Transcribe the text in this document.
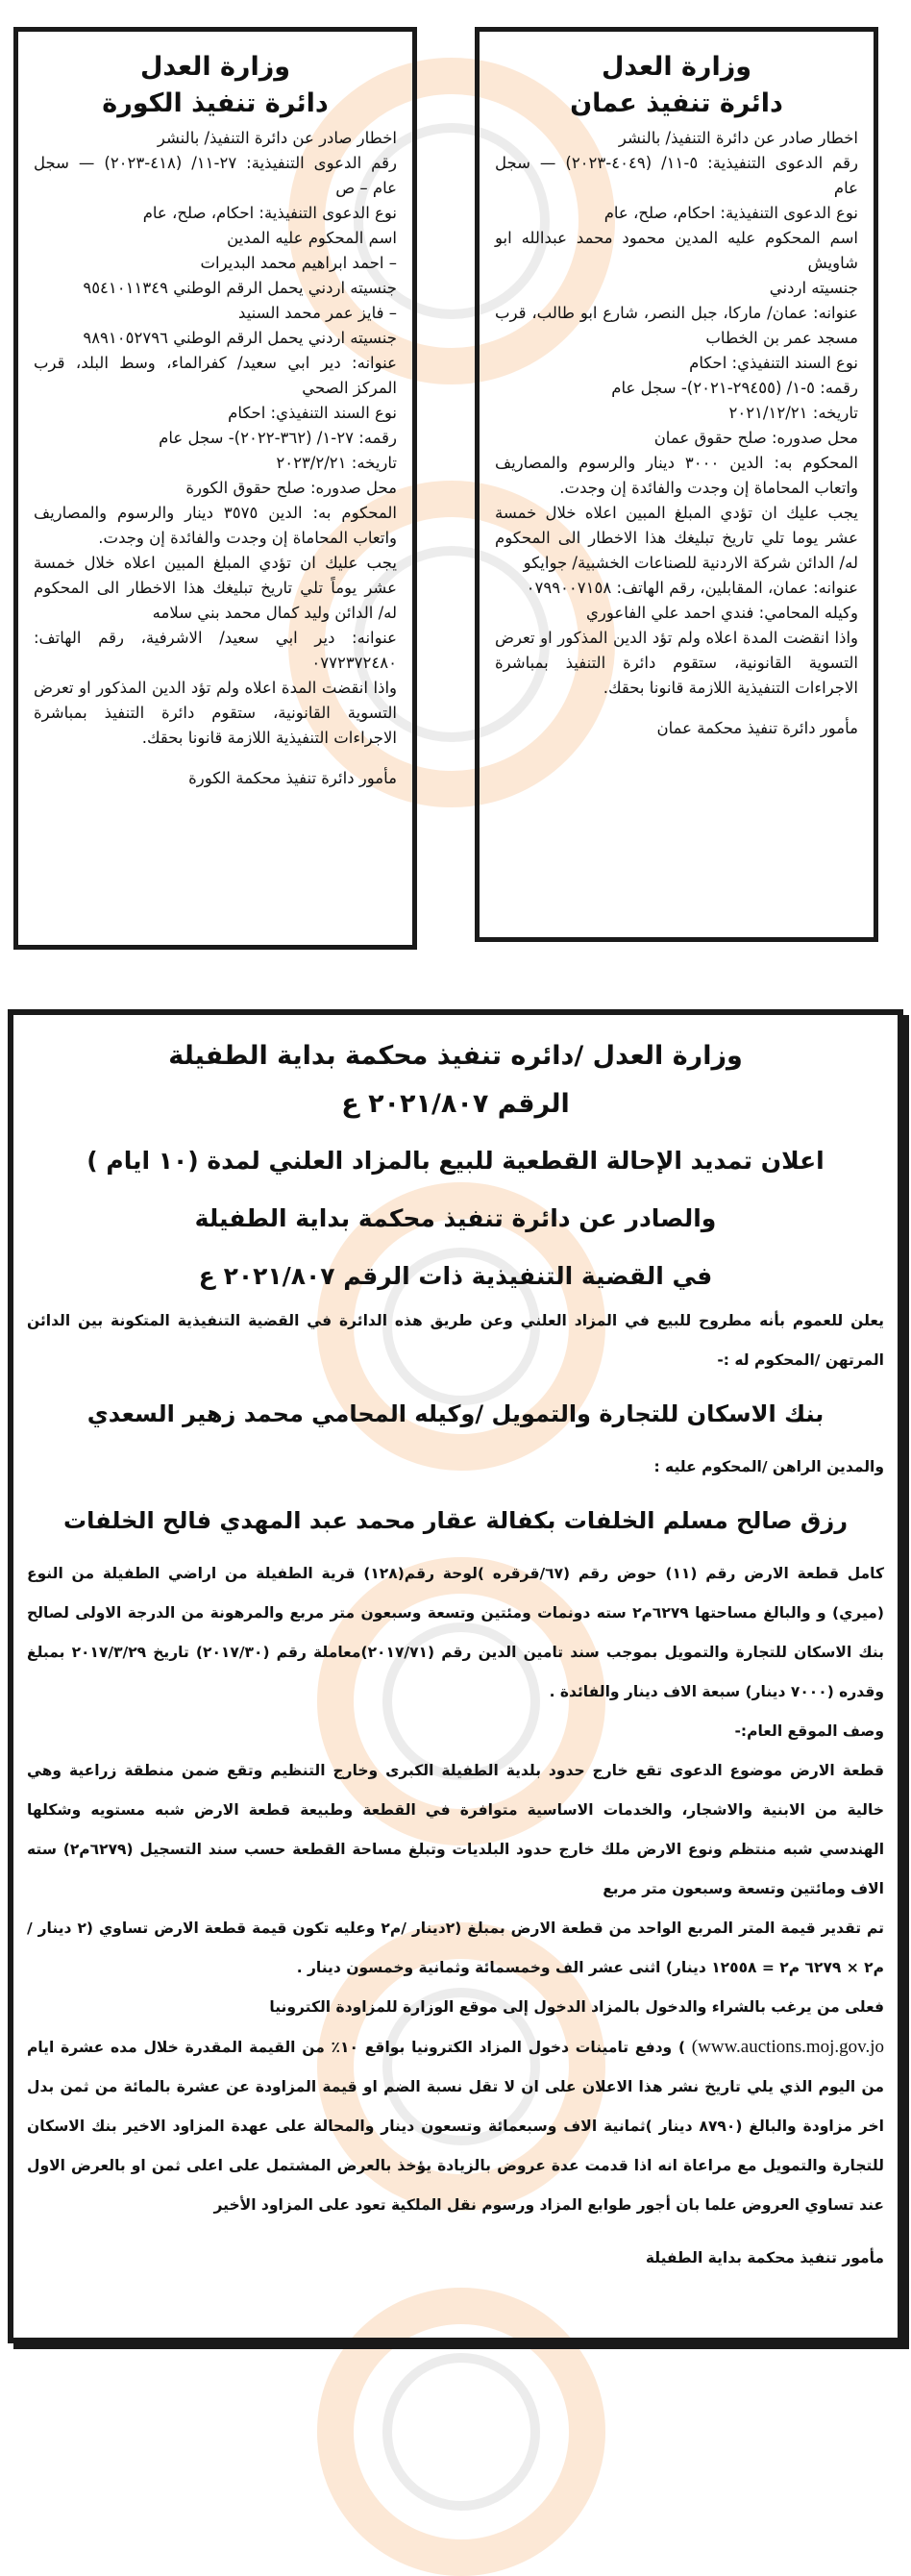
وزارة العدل
دائرة تنفيذ عمان

اخطار صادر عن دائرة التنفيذ/ بالنشر

رقم الدعوى التنفيذية: ٥-١١/ (٤٠٤٩-٢٠٢٣) — سجل عام

نوع الدعوى التنفيذية: احكام، صلح، عام

اسم المحكوم عليه المدين محمود محمد عبدالله ابو شاويش

جنسيته اردني

عنوانه: عمان/ ماركا، جبل النصر، شارع ابو طالب، قرب مسجد عمر بن الخطاب

نوع السند التنفيذي: احكام

رقمه: ٥-١/ (٢٩٤٥٥-٢٠٢١)- سجل عام

تاريخه: ٢٠٢١/١٢/٢١

محل صدوره: صلح حقوق عمان

المحكوم به: الدين ٣٠٠٠ دينار والرسوم والمصاريف واتعاب المحاماة إن وجدت والفائدة إن وجدت.

يجب عليك ان تؤدي المبلغ المبين اعلاه خلال خمسة عشر يوما تلي تاريخ تبليغك هذا الاخطار الى المحكوم له/ الدائن شركة الاردنية للصناعات الخشبية/ جوايكو

عنوانه: عمان، المقابلين، رقم الهاتف: ٠٧٩٩٠٠٧١٥٨

وكيله المحامي: فندي احمد علي الفاعوري

واذا انقضت المدة اعلاه ولم تؤد الدين المذكور او تعرض التسوية القانونية، ستقوم دائرة التنفيذ بمباشرة الاجراءات التنفيذية اللازمة قانونا بحقك.

مأمور دائرة تنفيذ محكمة عمان

وزارة العدل
دائرة تنفيذ الكورة

اخطار صادر عن دائرة التنفيذ/ بالنشر

رقم الدعوى التنفيذية: ٢٧-١١/ (٤١٨-٢٠٢٣) — سجل عام – ص

نوع الدعوى التنفيذية: احكام، صلح، عام

اسم المحكوم عليه المدين

– احمد ابراهيم محمد البديرات

جنسيته اردني يحمل الرقم الوطني ٩٥٤١٠١١٣٤٩

– فايز عمر محمد السنيد

جنسيته اردني يحمل الرقم الوطني ٩٨٩١٠٥٢٧٩٦

عنوانه: دير ابي سعيد/ كفرالماء، وسط البلد، قرب المركز الصحي

نوع السند التنفيذي: احكام

رقمه: ٢٧-١/ (٣٦٢-٢٠٢٢)- سجل عام

تاريخه: ٢٠٢٣/٢/٢١

محل صدوره: صلح حقوق الكورة

المحكوم به: الدين ٣٥٧٥ دينار والرسوم والمصاريف واتعاب المحاماة إن وجدت والفائدة إن وجدت.

يجب عليك ان تؤدي المبلغ المبين اعلاه خلال خمسة عشر يوماً تلي تاريخ تبليغك هذا الاخطار الى المحكوم له/ الدائن وليد كمال محمد بني سلامه

عنوانه: دير ابي سعيد/ الاشرفية، رقم الهاتف: ٠٧٧٢٣٧٢٤٨٠

واذا انقضت المدة اعلاه ولم تؤد الدين المذكور او تعرض التسوية القانونية، ستقوم دائرة التنفيذ بمباشرة الاجراءات التنفيذية اللازمة قانونا بحقك.

مأمور دائرة تنفيذ محكمة الكورة

وزارة العدل /دائره تنفيذ محكمة بداية الطفيلة
الرقم ٢٠٢١/٨٠٧ ع
اعلان تمديد الإحالة القطعية للبيع بالمزاد العلني لمدة (١٠ ايام )
والصادر عن دائرة تنفيذ محكمة بداية الطفيلة
في القضية التنفيذية ذات الرقم ٢٠٢١/٨٠٧ ع

يعلن للعموم بأنه مطروح للبيع في المزاد العلني وعن طريق هذه الدائرة في القضية التنفيذية المتكونة بين الدائن المرتهن /المحكوم له :-

بنك الاسكان للتجارة والتمويل /وكيله المحامي محمد زهير السعدي

والمدين الراهن /المحكوم عليه :

رزق صالح مسلم الخلفات بكفالة عقار محمد عبد المهدي فالح الخلفات

كامل قطعة الارض رقم (١١) حوض رقم (٦٧/قرقره )لوحة رقم(١٢٨) قرية الطفيلة من اراضي الطفيلة من النوع (ميري) و والبالغ مساحتها ٦٢٧٩م٢ سته دونمات ومئتين وتسعة وسبعون متر مربع والمرهونة من الدرجة الاولى لصالح بنك الاسكان للتجارة والتمويل بموجب سند تامين الدين رقم (٢٠١٧/٧١)معاملة رقم (٢٠١٧/٣٠) تاريخ ٢٠١٧/٣/٢٩ بمبلغ وقدره (٧٠٠٠ دينار) سبعة الاف دينار والفائدة .

وصف الموقع العام:-

قطعة الارض موضوع الدعوى تقع خارج حدود بلدية الطفيلة الكبرى وخارج التنظيم وتقع ضمن منطقة زراعية وهي خالية من الابنية والاشجار، والخدمات الاساسية متوافرة في القطعة وطبيعة قطعة الارض شبه مستويه وشكلها الهندسي شبه منتظم ونوع الارض ملك خارج حدود البلديات وتبلغ مساحة القطعة حسب سند التسجيل (٦٢٧٩م٢) سته الاف ومائتين وتسعة وسبعون متر مربع

تم تقدير قيمة المتر المربع الواحد من قطعة الارض بمبلغ (٢دينار /م٢ وعليه تكون قيمة قطعة الارض تساوي (٢ دينار /م٢ × ٦٢٧٩ م٢ = ١٢٥٥٨ دينار) اثنى عشر الف وخمسمائة وثمانية وخمسون دينار .

فعلى من يرغب بالشراء والدخول بالمزاد الدخول إلى موقع الوزارة للمزاودة الكترونيا

(www.auctions.moj.gov.jo ) ودفع تامينات دخول المزاد الكترونيا بواقع ١٠٪ من القيمة المقدرة خلال مده عشرة ايام من اليوم الذي يلي تاريخ نشر هذا الاعلان على ان لا تقل نسبة الضم او قيمة المزاودة عن عشرة بالمائة من ثمن بدل اخر مزاودة والبالغ (٨٧٩٠ دينار )ثمانية الاف وسبعمائة وتسعون دينار والمحالة على عهدة المزاود الاخير بنك الاسكان للتجارة والتمويل مع مراعاة انه اذا قدمت عدة عروض بالزيادة يؤخذ بالعرض المشتمل على اعلى ثمن او بالعرض الاول عند تساوي العروض علما بان أجور طوابع المزاد ورسوم نقل الملكية تعود على المزاود الأخير

مأمور تنفيذ محكمة بداية الطفيلة
